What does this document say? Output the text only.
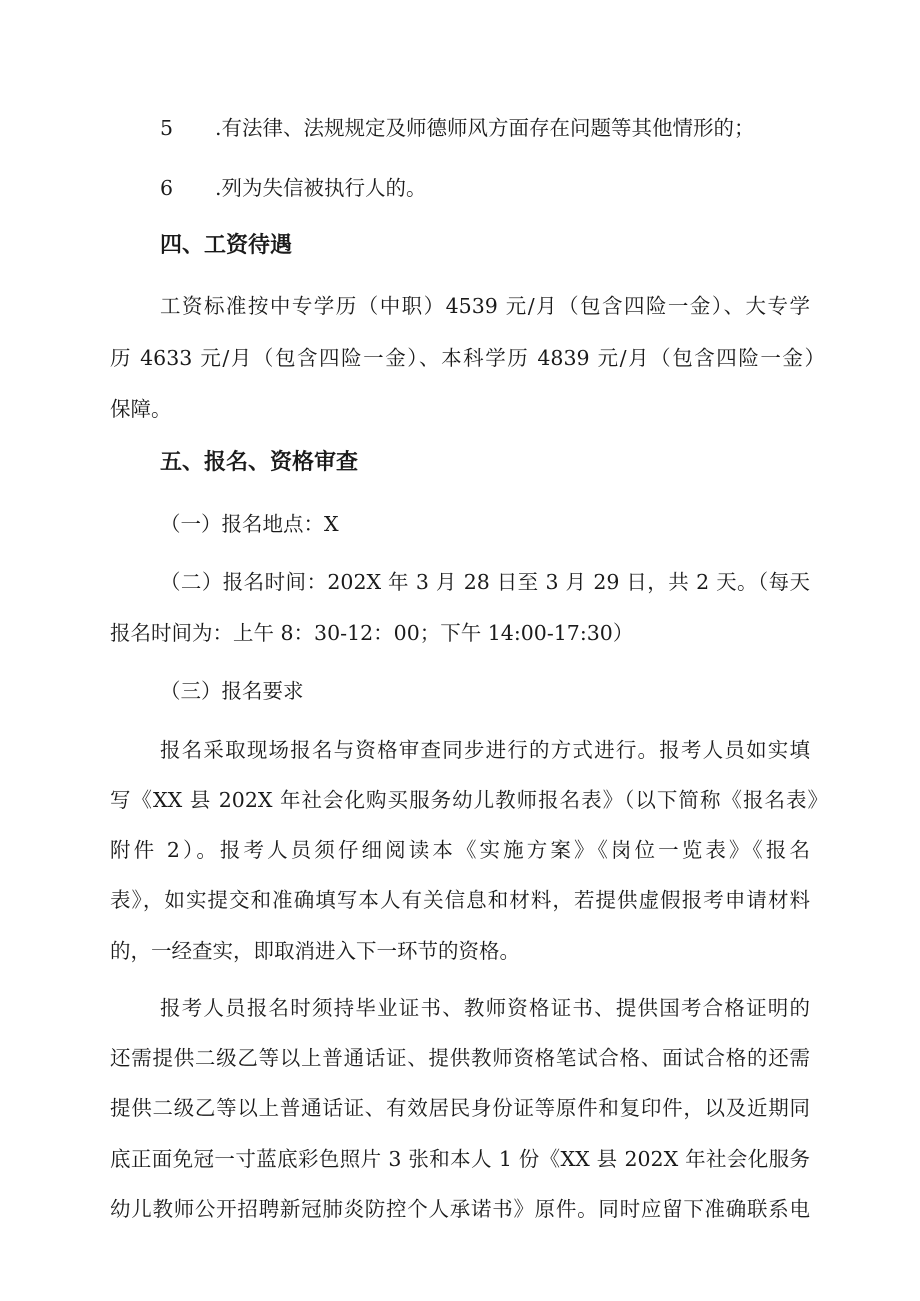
5 .有法律、法规规定及师德师风方面存在问题等其他情形的；
6 .列为失信被执行人的。
四、工资待遇
工资标准按中专学历（中职）4539 元/月（包含四险一金）、大专学
历 4633 元/月（包含四险一金）、本科学历 4839 元/月（包含四险一金）
保障。
五、报名、资格审查
（一）报名地点：X
（二）报名时间：202X 年 3 月 28 日至 3 月 29 日，共 2 天。（每天
报名时间为：上午 8：30-12：00；下午 14:00-17:30）
（三）报名要求
报名采取现场报名与资格审查同步进行的方式进行。报考人员如实填
写《XX 县 202X 年社会化购买服务幼儿教师报名表》（以下简称《报名表》
附件 2）。报考人员须仔细阅读本《实施方案》《岗位一览表》《报名
表》，如实提交和准确填写本人有关信息和材料，若提供虚假报考申请材料
的，一经查实，即取消进入下一环节的资格。
报考人员报名时须持毕业证书、教师资格证书、提供国考合格证明的
还需提供二级乙等以上普通话证、提供教师资格笔试合格、面试合格的还需
提供二级乙等以上普通话证、有效居民身份证等原件和复印件，以及近期同
底正面免冠一寸蓝底彩色照片 3 张和本人 1 份《XX 县 202X 年社会化服务
幼儿教师公开招聘新冠肺炎防控个人承诺书》原件。同时应留下准确联系电
